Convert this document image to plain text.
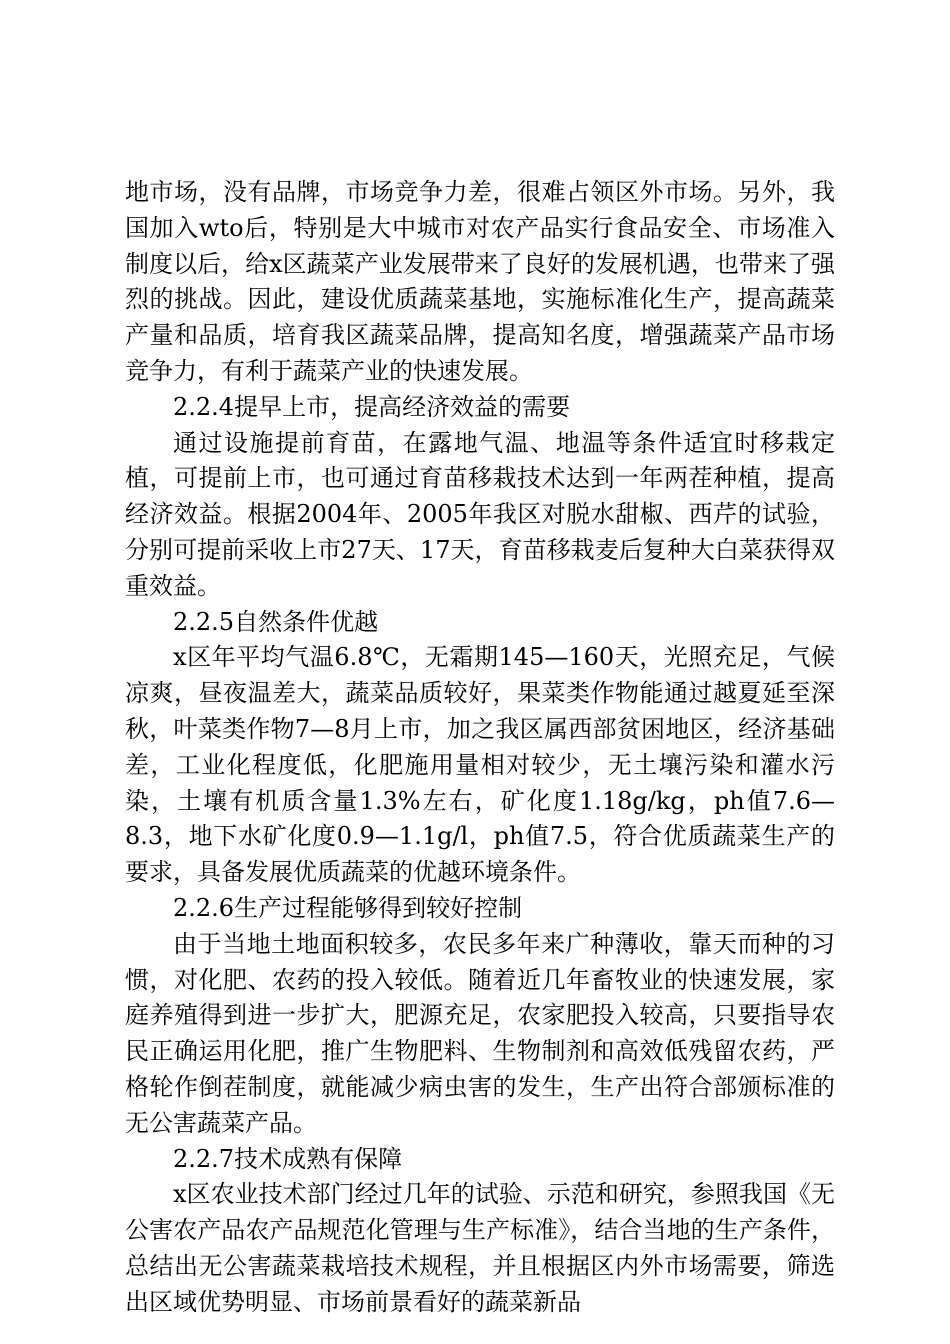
地市场，没有品牌，市场竞争力差，很难占领区外市场。另外，我国加入wto后，特别是大中城市对农产品实行食品安全、市场准入制度以后，给x区蔬菜产业发展带来了良好的发展机遇，也带来了强烈的挑战。因此，建设优质蔬菜基地，实施标准化生产，提高蔬菜产量和品质，培育我区蔬菜品牌，提高知名度，增强蔬菜产品市场竞争力，有利于蔬菜产业的快速发展。

2.2.4提早上市，提高经济效益的需要

通过设施提前育苗，在露地气温、地温等条件适宜时移栽定植，可提前上市，也可通过育苗移栽技术达到一年两茬种植，提高经济效益。根据2004年、2005年我区对脱水甜椒、西芹的试验，分别可提前采收上市27天、17天，育苗移栽麦后复种大白菜获得双重效益。

2.2.5自然条件优越

x区年平均气温6.8℃，无霜期145—160天，光照充足，气候凉爽，昼夜温差大，蔬菜品质较好，果菜类作物能通过越夏延至深秋，叶菜类作物7—8月上市，加之我区属西部贫困地区，经济基础差，工业化程度低，化肥施用量相对较少，无土壤污染和灌水污染，土壤有机质含量1.3%左右，矿化度1.18g/kg，ph值7.6—8.3，地下水矿化度0.9—1.1g/l，ph值7.5，符合优质蔬菜生产的要求，具备发展优质蔬菜的优越环境条件。

2.2.6生产过程能够得到较好控制

由于当地土地面积较多，农民多年来广种薄收，靠天而种的习惯，对化肥、农药的投入较低。随着近几年畜牧业的快速发展，家庭养殖得到进一步扩大，肥源充足，农家肥投入较高，只要指导农民正确运用化肥，推广生物肥料、生物制剂和高效低残留农药，严格轮作倒茬制度，就能减少病虫害的发生，生产出符合部颁标准的无公害蔬菜产品。

2.2.7技术成熟有保障

x区农业技术部门经过几年的试验、示范和研究，参照我国《无公害农产品农产品规范化管理与生产标准》，结合当地的生产条件，总结出无公害蔬菜栽培技术规程，并且根据区内外市场需要，筛选出区域优势明显、市场前景看好的蔬菜新品
